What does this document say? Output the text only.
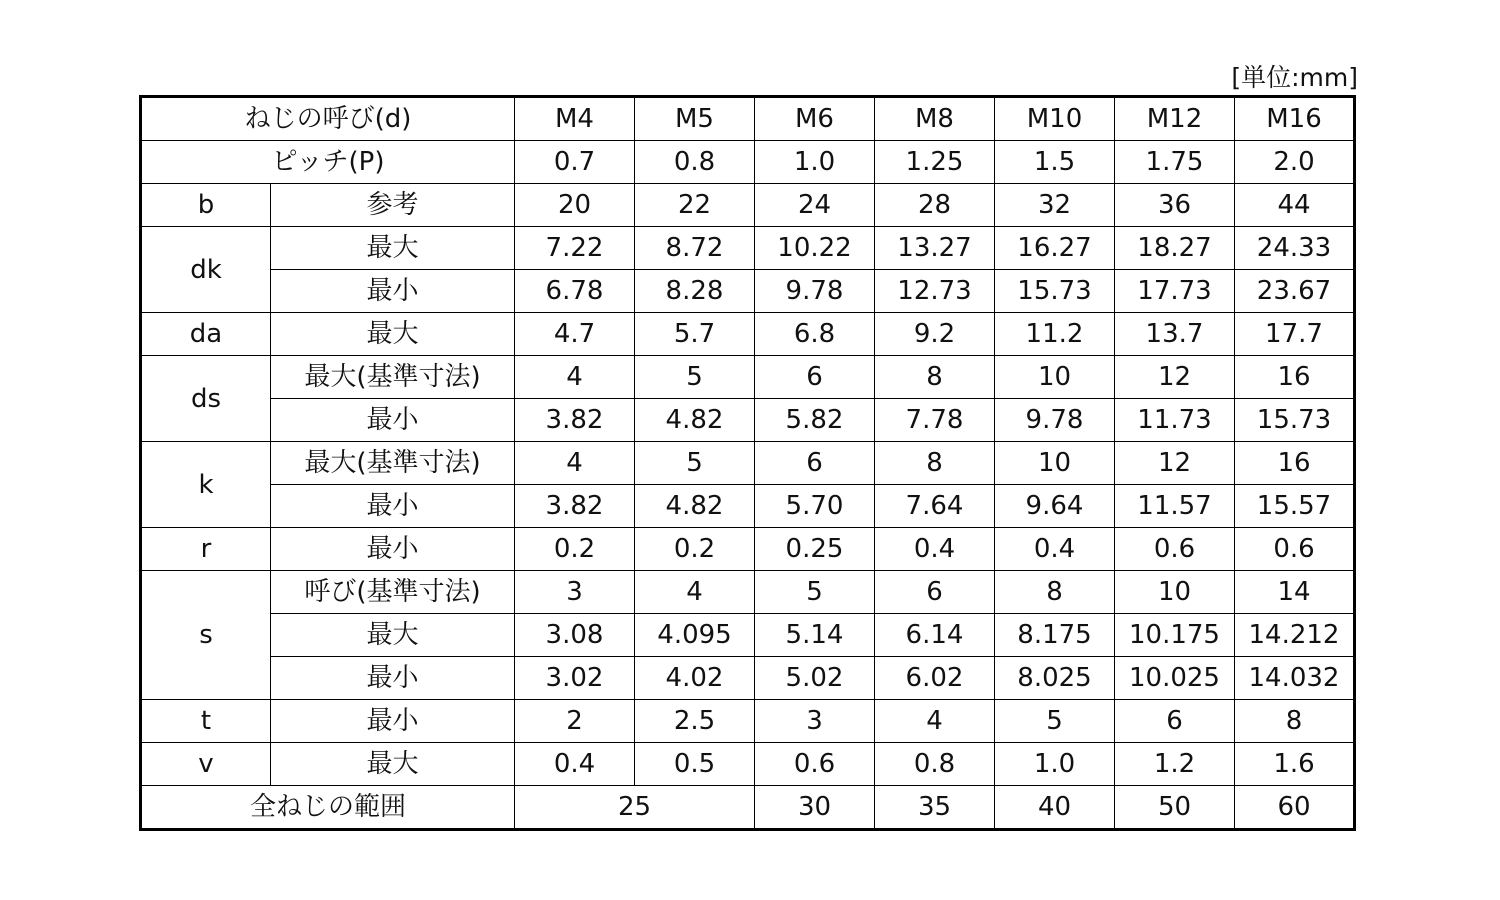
[単位:mm]
ねじの呼び(d)		M4	M5	M6	M8	M10	M12	M16
ピッチ(P)		0.7	0.8	1.0	1.25	1.5	1.75	2.0
b	参考	20	22	24	28	32	36	44
dk	最大	7.22	8.72	10.22	13.27	16.27	18.27	24.33
	最小	6.78	8.28	9.78	12.73	15.73	17.73	23.67
da	最大	4.7	5.7	6.8	9.2	11.2	13.7	17.7
ds	最大(基準寸法)	4	5	6	8	10	12	16
	最小	3.82	4.82	5.82	7.78	9.78	11.73	15.73
k	最大(基準寸法)	4	5	6	8	10	12	16
	最小	3.82	4.82	5.70	7.64	9.64	11.57	15.57
r	最小	0.2	0.2	0.25	0.4	0.4	0.6	0.6
s	呼び(基準寸法)	3	4	5	6	8	10	14
	最大	3.08	4.095	5.14	6.14	8.175	10.175	14.212
	最小	3.02	4.02	5.02	6.02	8.025	10.025	14.032
t	最小	2	2.5	3	4	5	6	8
v	最大	0.4	0.5	0.6	0.8	1.0	1.2	1.6
全ねじの範囲		25		30	35	40	50	60
